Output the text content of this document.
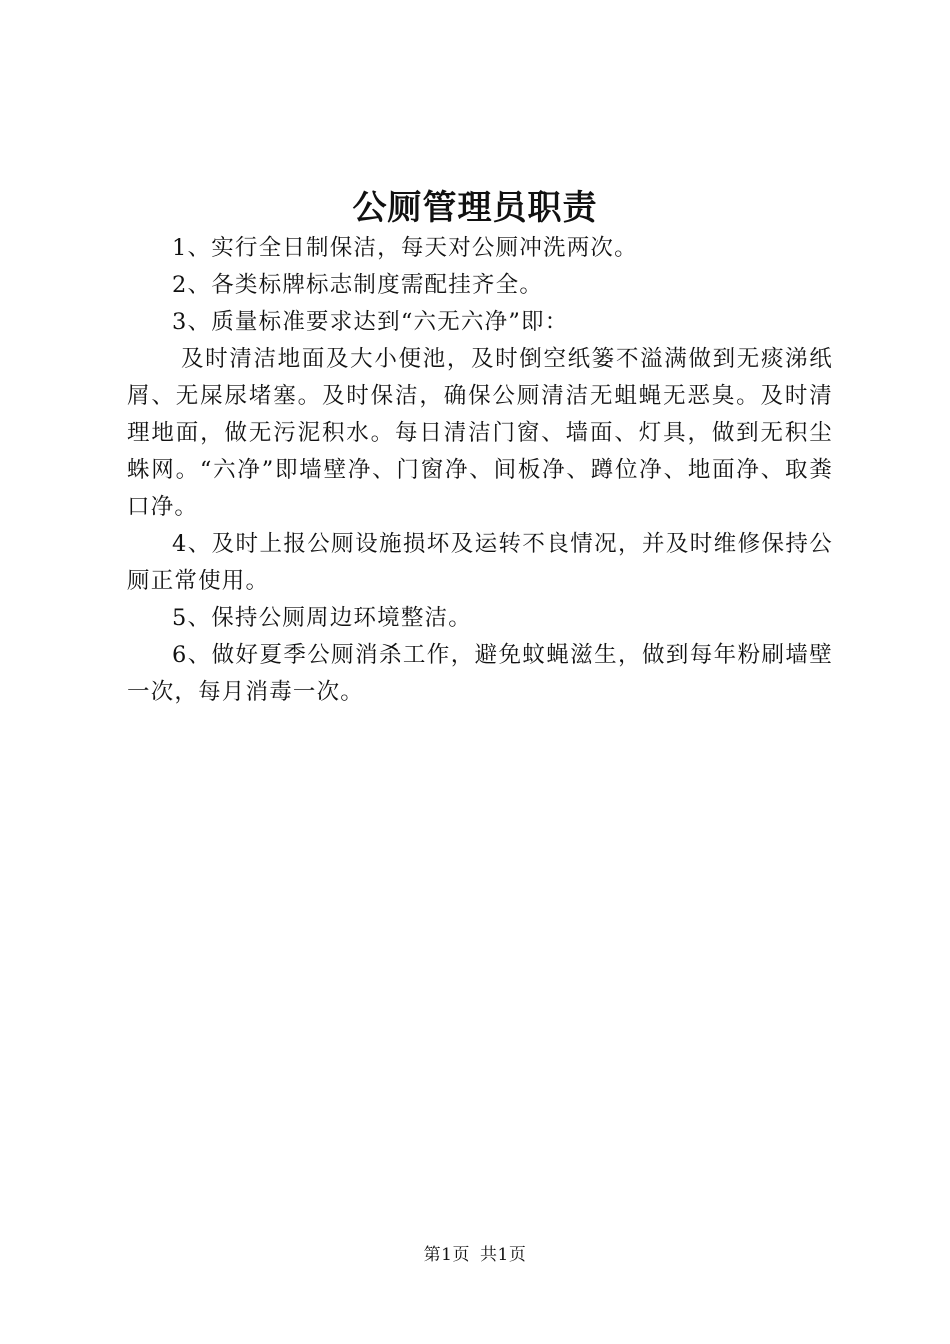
公厕管理员职责

1、实行全日制保洁，每天对公厕冲洗两次。

2、各类标牌标志制度需配挂齐全。

3、质量标准要求达到“六无六净”即：

及时清洁地面及大小便池，及时倒空纸篓不溢满做到无痰涕纸屑、无屎尿堵塞。及时保洁，确保公厕清洁无蛆蝇无恶臭。及时清理地面，做无污泥积水。每日清洁门窗、墙面、灯具，做到无积尘蛛网。“六净”即墙壁净、门窗净、间板净、蹲位净、地面净、取粪口净。

4、及时上报公厕设施损坏及运转不良情况，并及时维修保持公厕正常使用。

5、保持公厕周边环境整洁。

6、做好夏季公厕消杀工作，避免蚊蝇滋生，做到每年粉刷墙壁一次，每月消毒一次。

第1页 共1页
